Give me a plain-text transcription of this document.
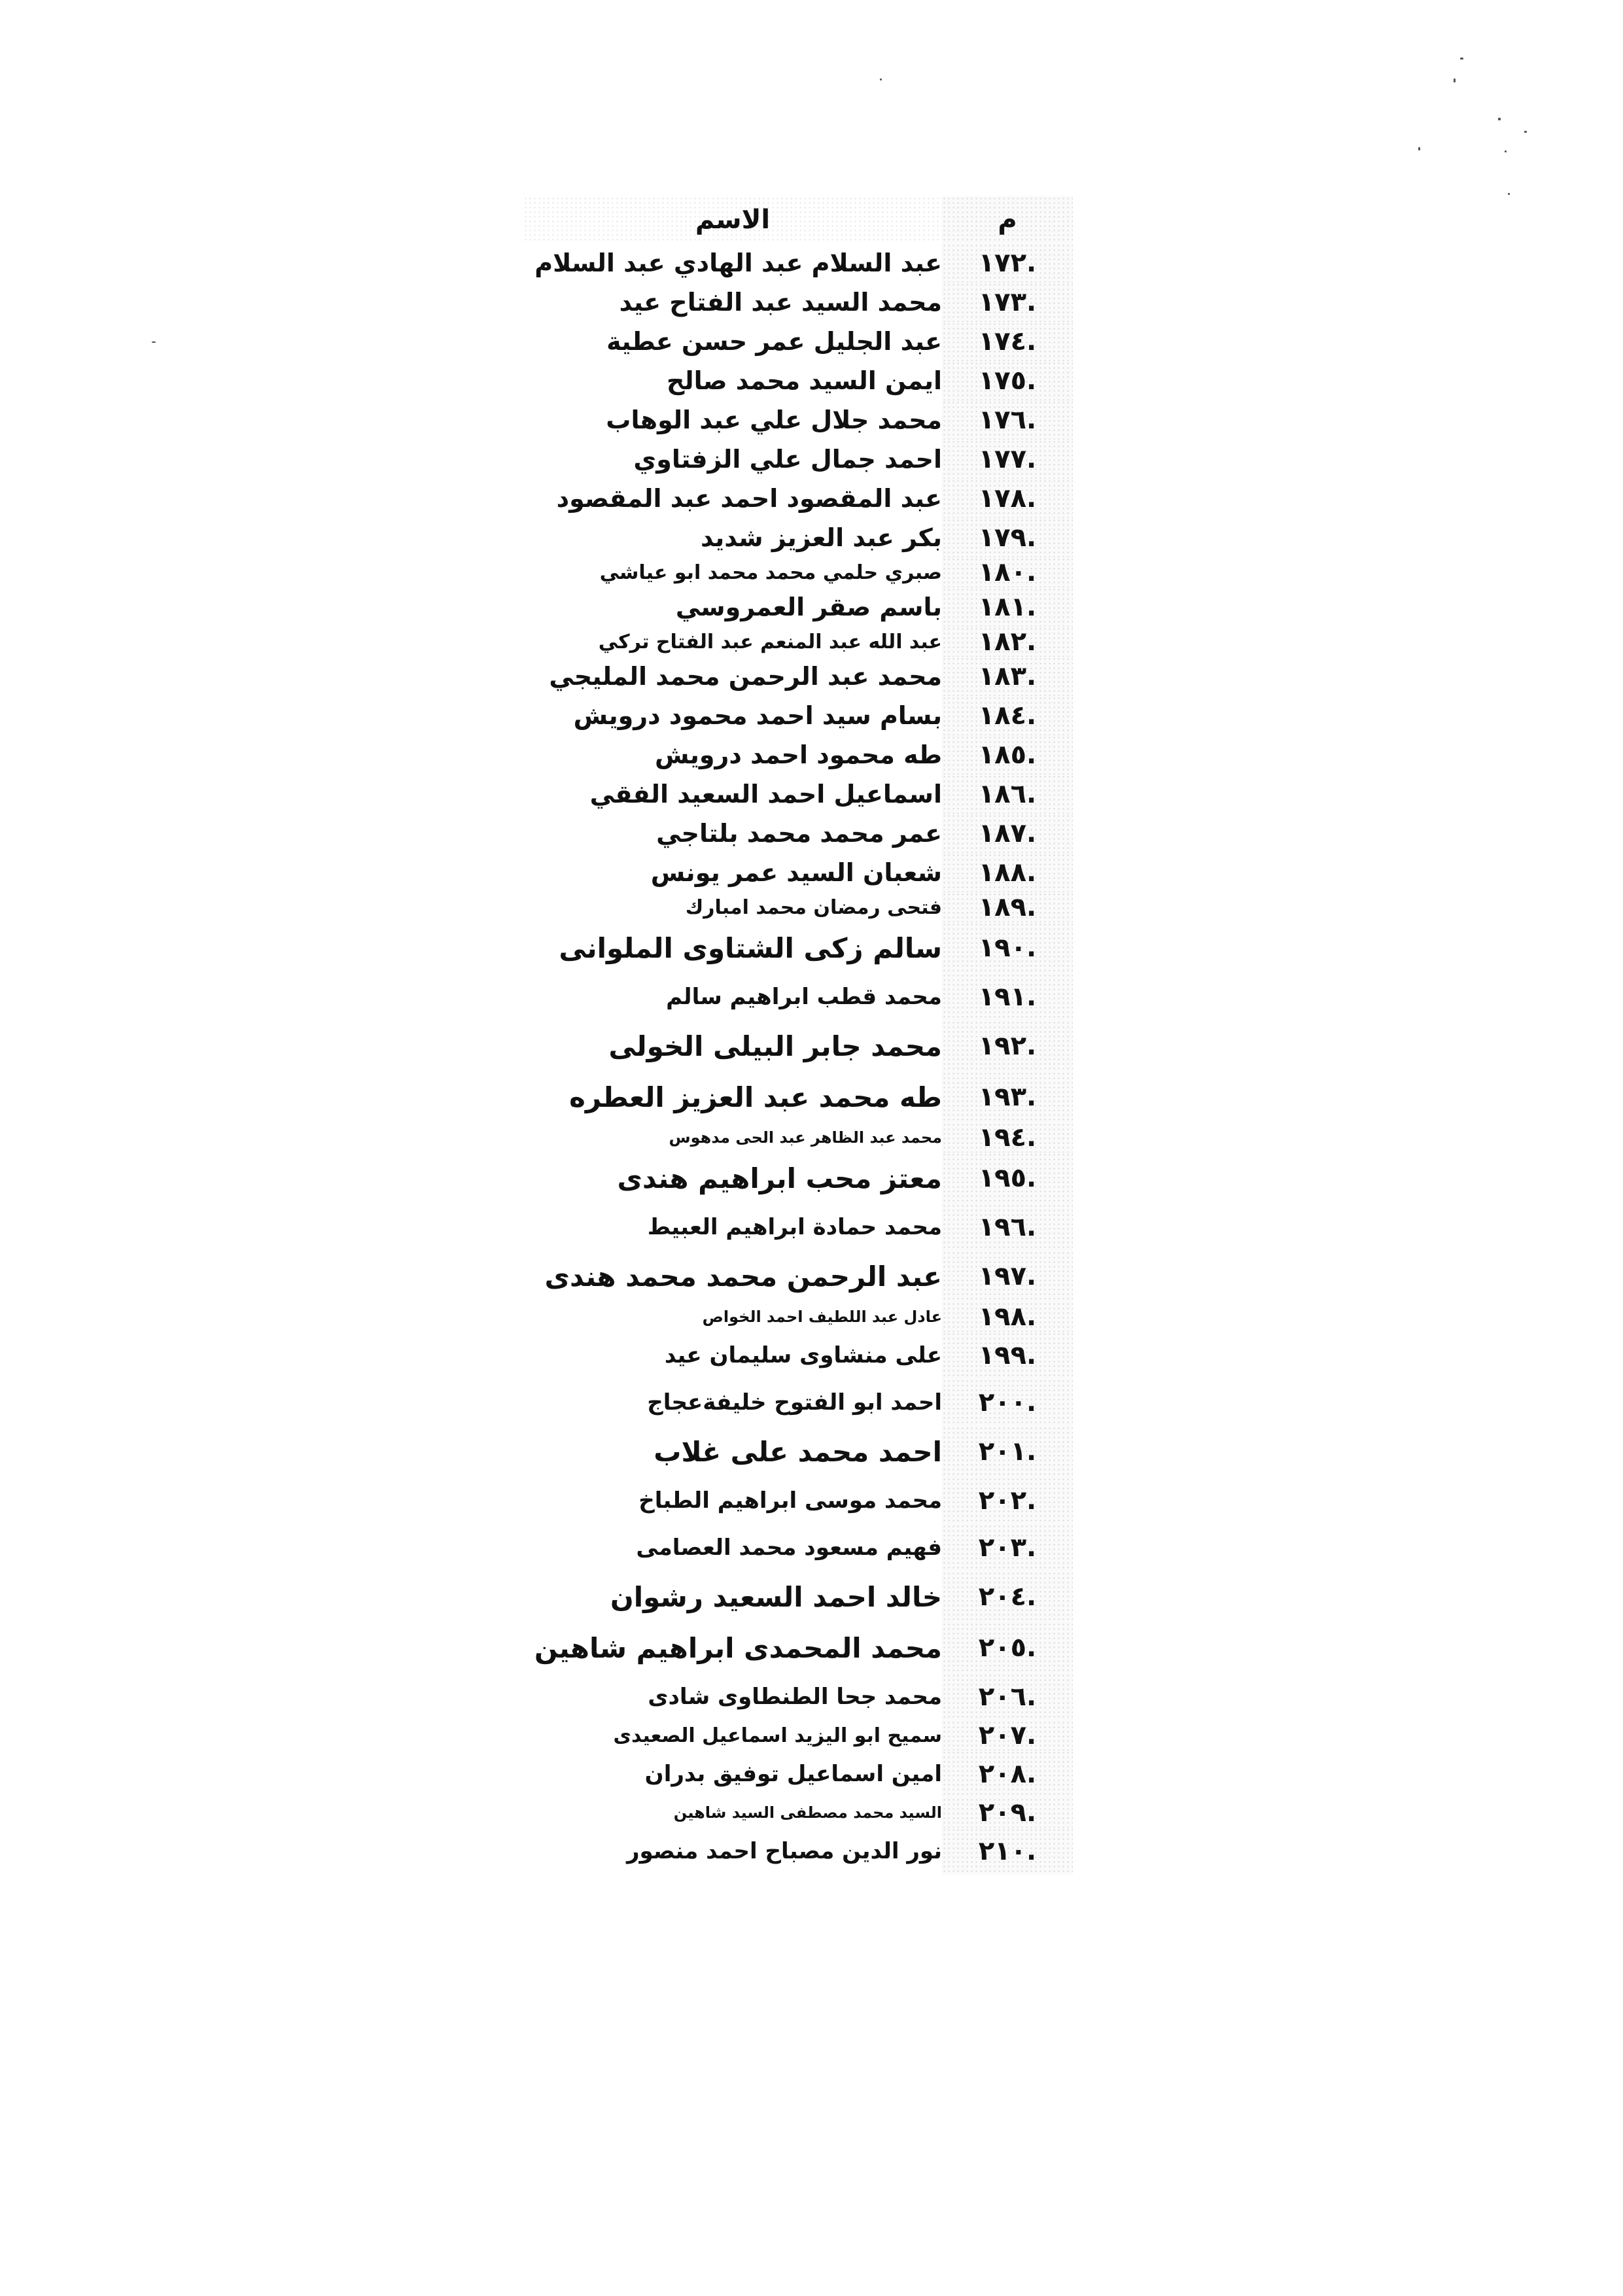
م	الاسم
.١٧٢	عبد السلام عبد الهادي عبد السلام
.١٧٣	محمد السيد عبد الفتاح عيد
.١٧٤	عبد الجليل عمر حسن عطية
.١٧٥	ايمن السيد محمد صالح
.١٧٦	محمد جلال علي عبد الوهاب
.١٧٧	احمد جمال علي الزفتاوي
.١٧٨	عبد المقصود احمد عبد المقصود
.١٧٩	بكر عبد العزيز شديد
.١٨٠	صبري حلمي محمد محمد ابو عياشي
.١٨١	باسم صقر العمروسي
.١٨٢	عبد الله عبد المنعم عبد الفتاح تركي
.١٨٣	محمد عبد الرحمن محمد المليجي
.١٨٤	بسام سيد احمد محمود درويش
.١٨٥	طه محمود احمد درويش
.١٨٦	اسماعيل احمد السعيد الفقي
.١٨٧	عمر محمد محمد بلتاجي
.١٨٨	شعبان السيد عمر يونس
.١٨٩	فتحى رمضان محمد امبارك
.١٩٠	سالم زكى الشتاوى الملوانى
.١٩١	محمد قطب ابراهيم سالم
.١٩٢	محمد جابر البيلى الخولى
.١٩٣	طه محمد عبد العزيز العطره
.١٩٤	محمد عبد الظاهر عبد الحى مدهوس
.١٩٥	معتز محب ابراهيم هندى
.١٩٦	محمد حمادة ابراهيم العبيط
.١٩٧	عبد الرحمن محمد محمد هندى
.١٩٨	عادل عبد اللطيف احمد الخواص
.١٩٩	على منشاوى سليمان عيد
.٢٠٠	احمد ابو الفتوح خليفةعجاج
.٢٠١	احمد محمد على غلاب
.٢٠٢	محمد موسى ابراهيم الطباخ
.٢٠٣	فهيم مسعود محمد العصامى
.٢٠٤	خالد احمد السعيد رشوان
.٢٠٥	محمد المحمدى ابراهيم شاهين
.٢٠٦	محمد جحا الطنطاوى شادى
.٢٠٧	سميح ابو اليزيد اسماعيل الصعيدى
.٢٠٨	امين اسماعيل توفيق بدران
.٢٠٩	السيد محمد مصطفى السيد شاهين
.٢١٠	نور الدين مصباح احمد منصور
